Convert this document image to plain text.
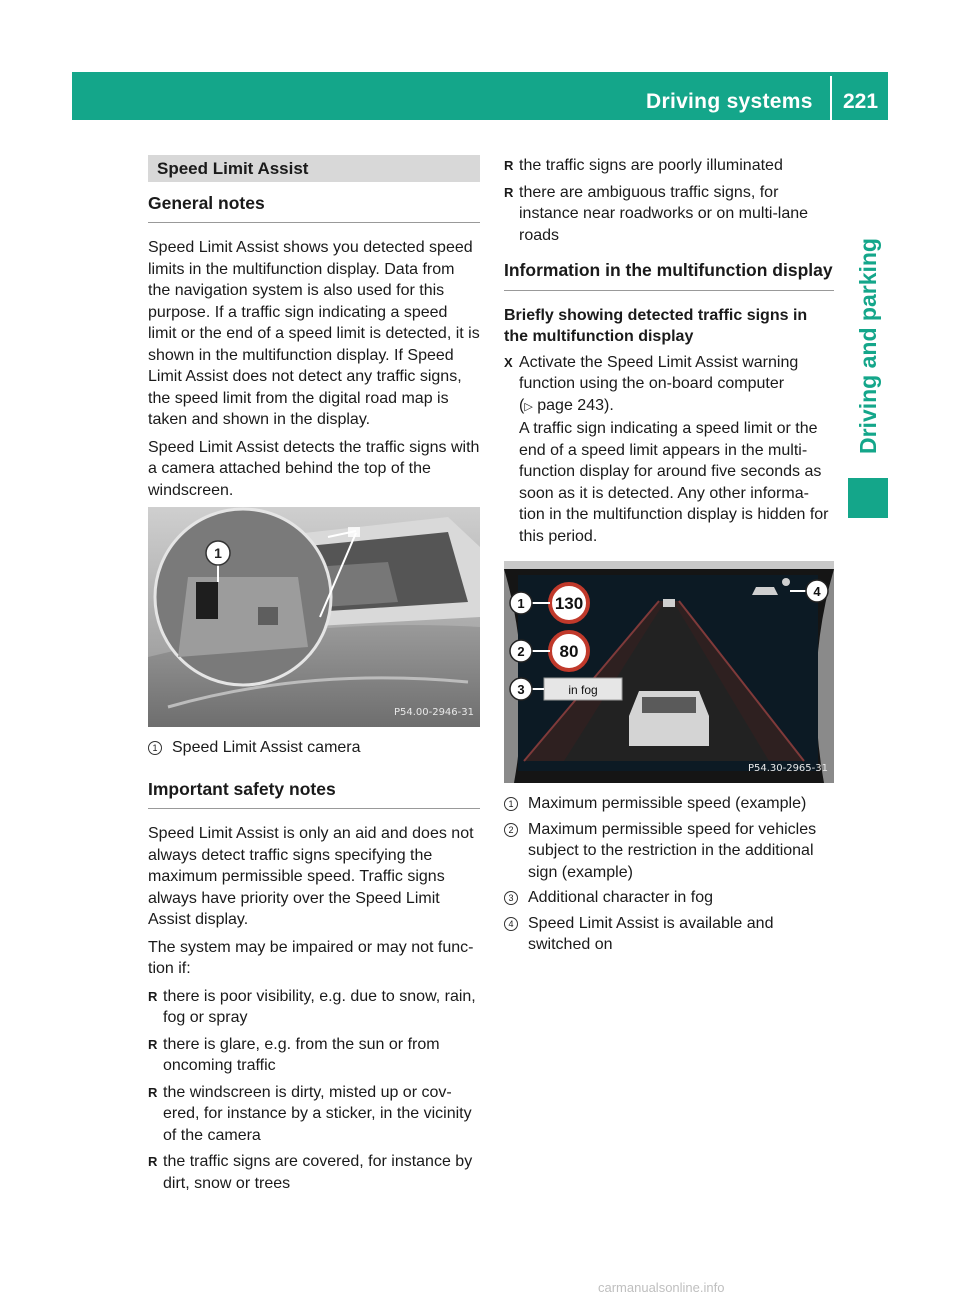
Driving systems 221
Driving and parking
Speed Limit Assist
General notes

Speed Limit Assist shows you detected speed limits in the multifunction display. Data from the navigation system is also used for this purpose. If a traffic sign indicating a speed limit or the end of a speed limit is detected, it is shown in the multifunction display. If Speed Limit Assist does not detect any traffic signs, the speed limit from the digital road map is taken and shown in the display.

Speed Limit Assist detects the traffic signs with a camera attached behind the top of the windscreen.

1
P54.00-2946-31
1 Speed Limit Assist camera
Important safety notes

Speed Limit Assist is only an aid and does not always detect traffic signs specifying the maximum permissible speed. Traffic signs always have priority over the Speed Limit Assist display.

The system may be impaired or may not func-tion if:

R there is poor visibility, e.g. due to snow, rain, fog or spray
R there is glare, e.g. from the sun or from oncoming traffic
R the windscreen is dirty, misted up or cov-ered, for instance by a sticker, in the vicinity of the camera
R the traffic signs are covered, for instance by dirt, snow or trees
R the traffic signs are poorly illuminated
R there are ambiguous traffic signs, for instance near roadworks or on multi-lane roads
Information in the multifunction display
Briefly showing detected traffic signs in the multifunction display
X Activate the Speed Limit Assist warning function using the on-board computer
(▷ page 243).
A traffic sign indicating a speed limit or the end of a speed limit appears in the multi-function display for around five seconds as soon as it is detected. Any other informa-tion in the multifunction display is hidden for this period.
130
80
in fog
1
2
3
4
P54.30-2965-31
1 Maximum permissible speed (example)
2 Maximum permissible speed for vehicles subject to the restriction in the additional sign (example)
3 Additional character in fog
4 Speed Limit Assist is available and switched on
carmanualsonline.info
